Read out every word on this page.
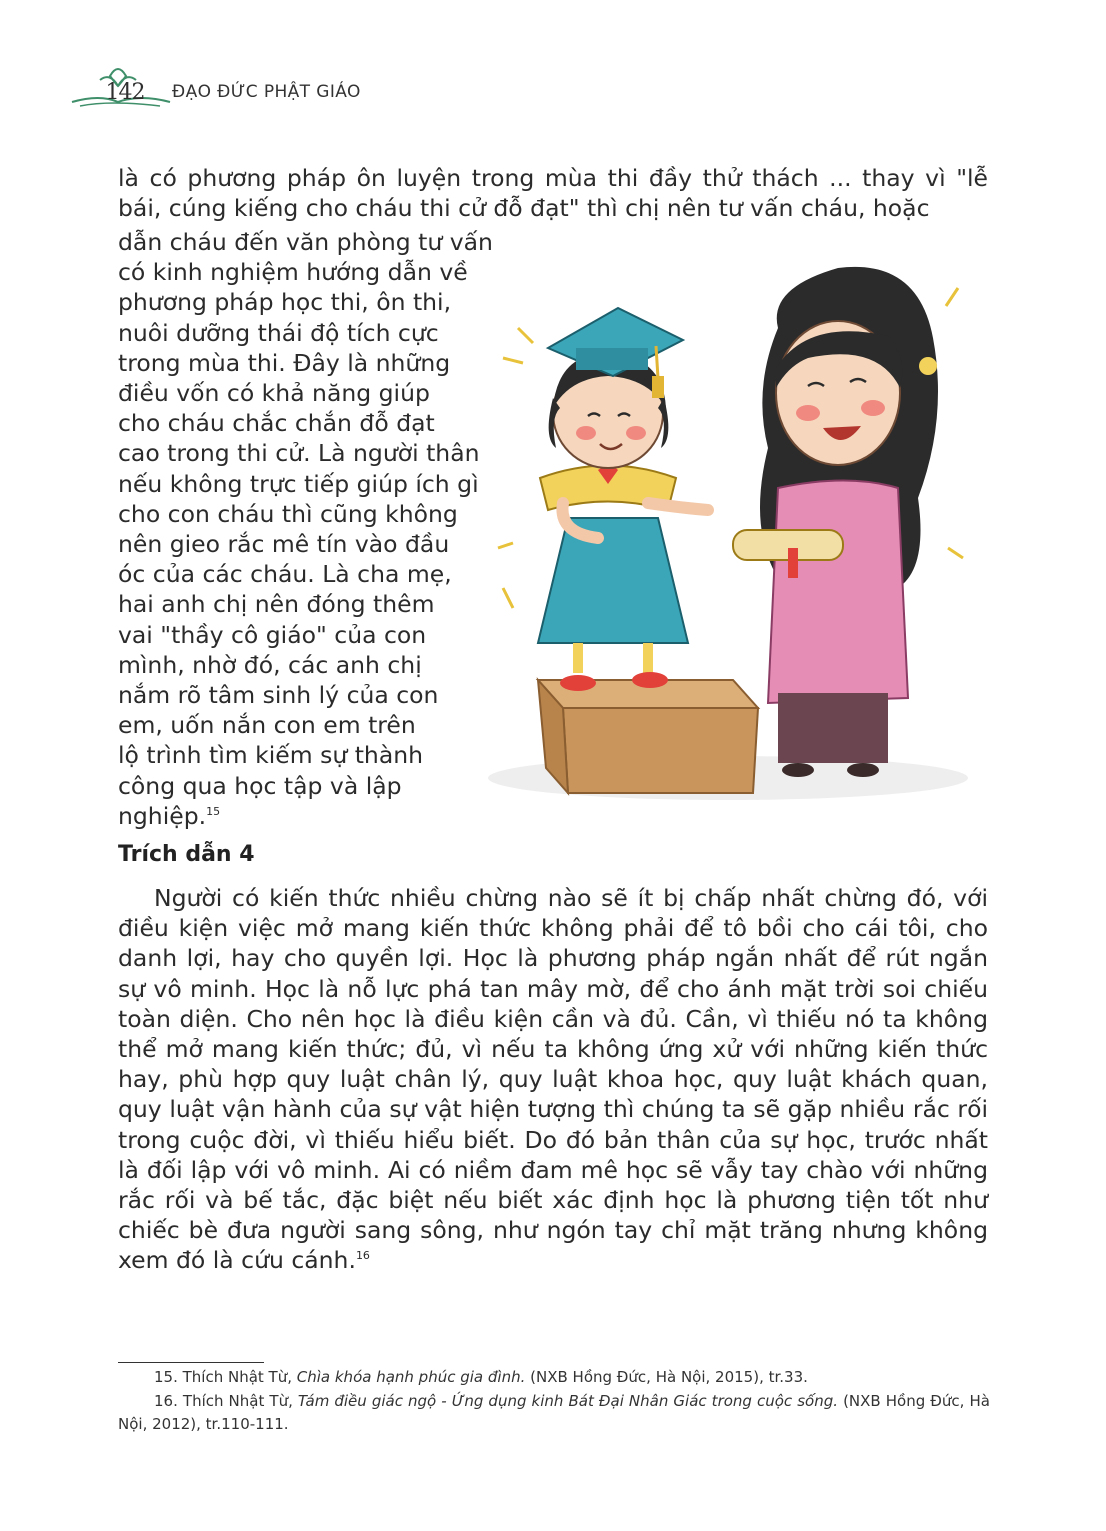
142	ĐẠO ĐỨC PHẬT GIÁO
là có phương pháp ôn luyện trong mùa thi đầy thử thách ... thay vì "lễ bái, cúng kiếng cho cháu thi cử đỗ đạt" thì chị nên tư vấn cháu, hoặc
dẫn cháu đến văn phòng tư vấn
có kinh nghiệm hướng dẫn về
phương pháp học thi, ôn thi,
nuôi dưỡng thái độ tích cực
trong mùa thi. Đây là những
điều vốn có khả năng giúp
cho cháu chắc chắn đỗ đạt
cao trong thi cử. Là người thân
nếu không trực tiếp giúp ích gì
cho con cháu thì cũng không
nên gieo rắc mê tín vào đầu
óc của các cháu. Là cha mẹ,
hai anh chị nên đóng thêm
vai "thầy cô giáo" của con
mình, nhờ đó, các anh chị
nắm rõ tâm sinh lý của con
em, uốn nắn con em trên
lộ trình tìm kiếm sự thành
công qua học tập và lập
nghiệp.$^{15}$
Trích dẫn 4
Người có kiến thức nhiều chừng nào sẽ ít bị chấp nhất chừng đó, với điều kiện việc mở mang kiến thức không phải để tô bồi cho cái tôi, cho danh lợi, hay cho quyền lợi. Học là phương pháp ngắn nhất để rút ngắn sự vô minh. Học là nỗ lực phá tan mây mờ, để cho ánh mặt trời soi chiếu toàn diện. Cho nên học là điều kiện cần và đủ. Cần, vì thiếu nó ta không thể mở mang kiến thức; đủ, vì nếu ta không ứng xử với những kiến thức hay, phù hợp quy luật chân lý, quy luật khoa học, quy luật khách quan, quy luật vận hành của sự vật hiện tượng thì chúng ta sẽ gặp nhiều rắc rối trong cuộc đời, vì thiếu hiểu biết. Do đó bản thân của sự học, trước nhất là đối lập với vô minh. Ai có niềm đam mê học sẽ vẫy tay chào với những rắc rối và bế tắc, đặc biệt nếu biết xác định học là phương tiện tốt như chiếc bè đưa người sang sông, như ngón tay chỉ mặt trăng nhưng không xem đó là cứu cánh.$^{16}$
15. Thích Nhật Từ, Chìa khóa hạnh phúc gia đình. (NXB Hồng Đức, Hà Nội, 2015), tr.33.
16. Thích Nhật Từ, Tám điều giác ngộ - Ứng dụng kinh Bát Đại Nhân Giác trong cuộc sống. (NXB Hồng Đức, Hà Nội, 2012), tr.110-111.
